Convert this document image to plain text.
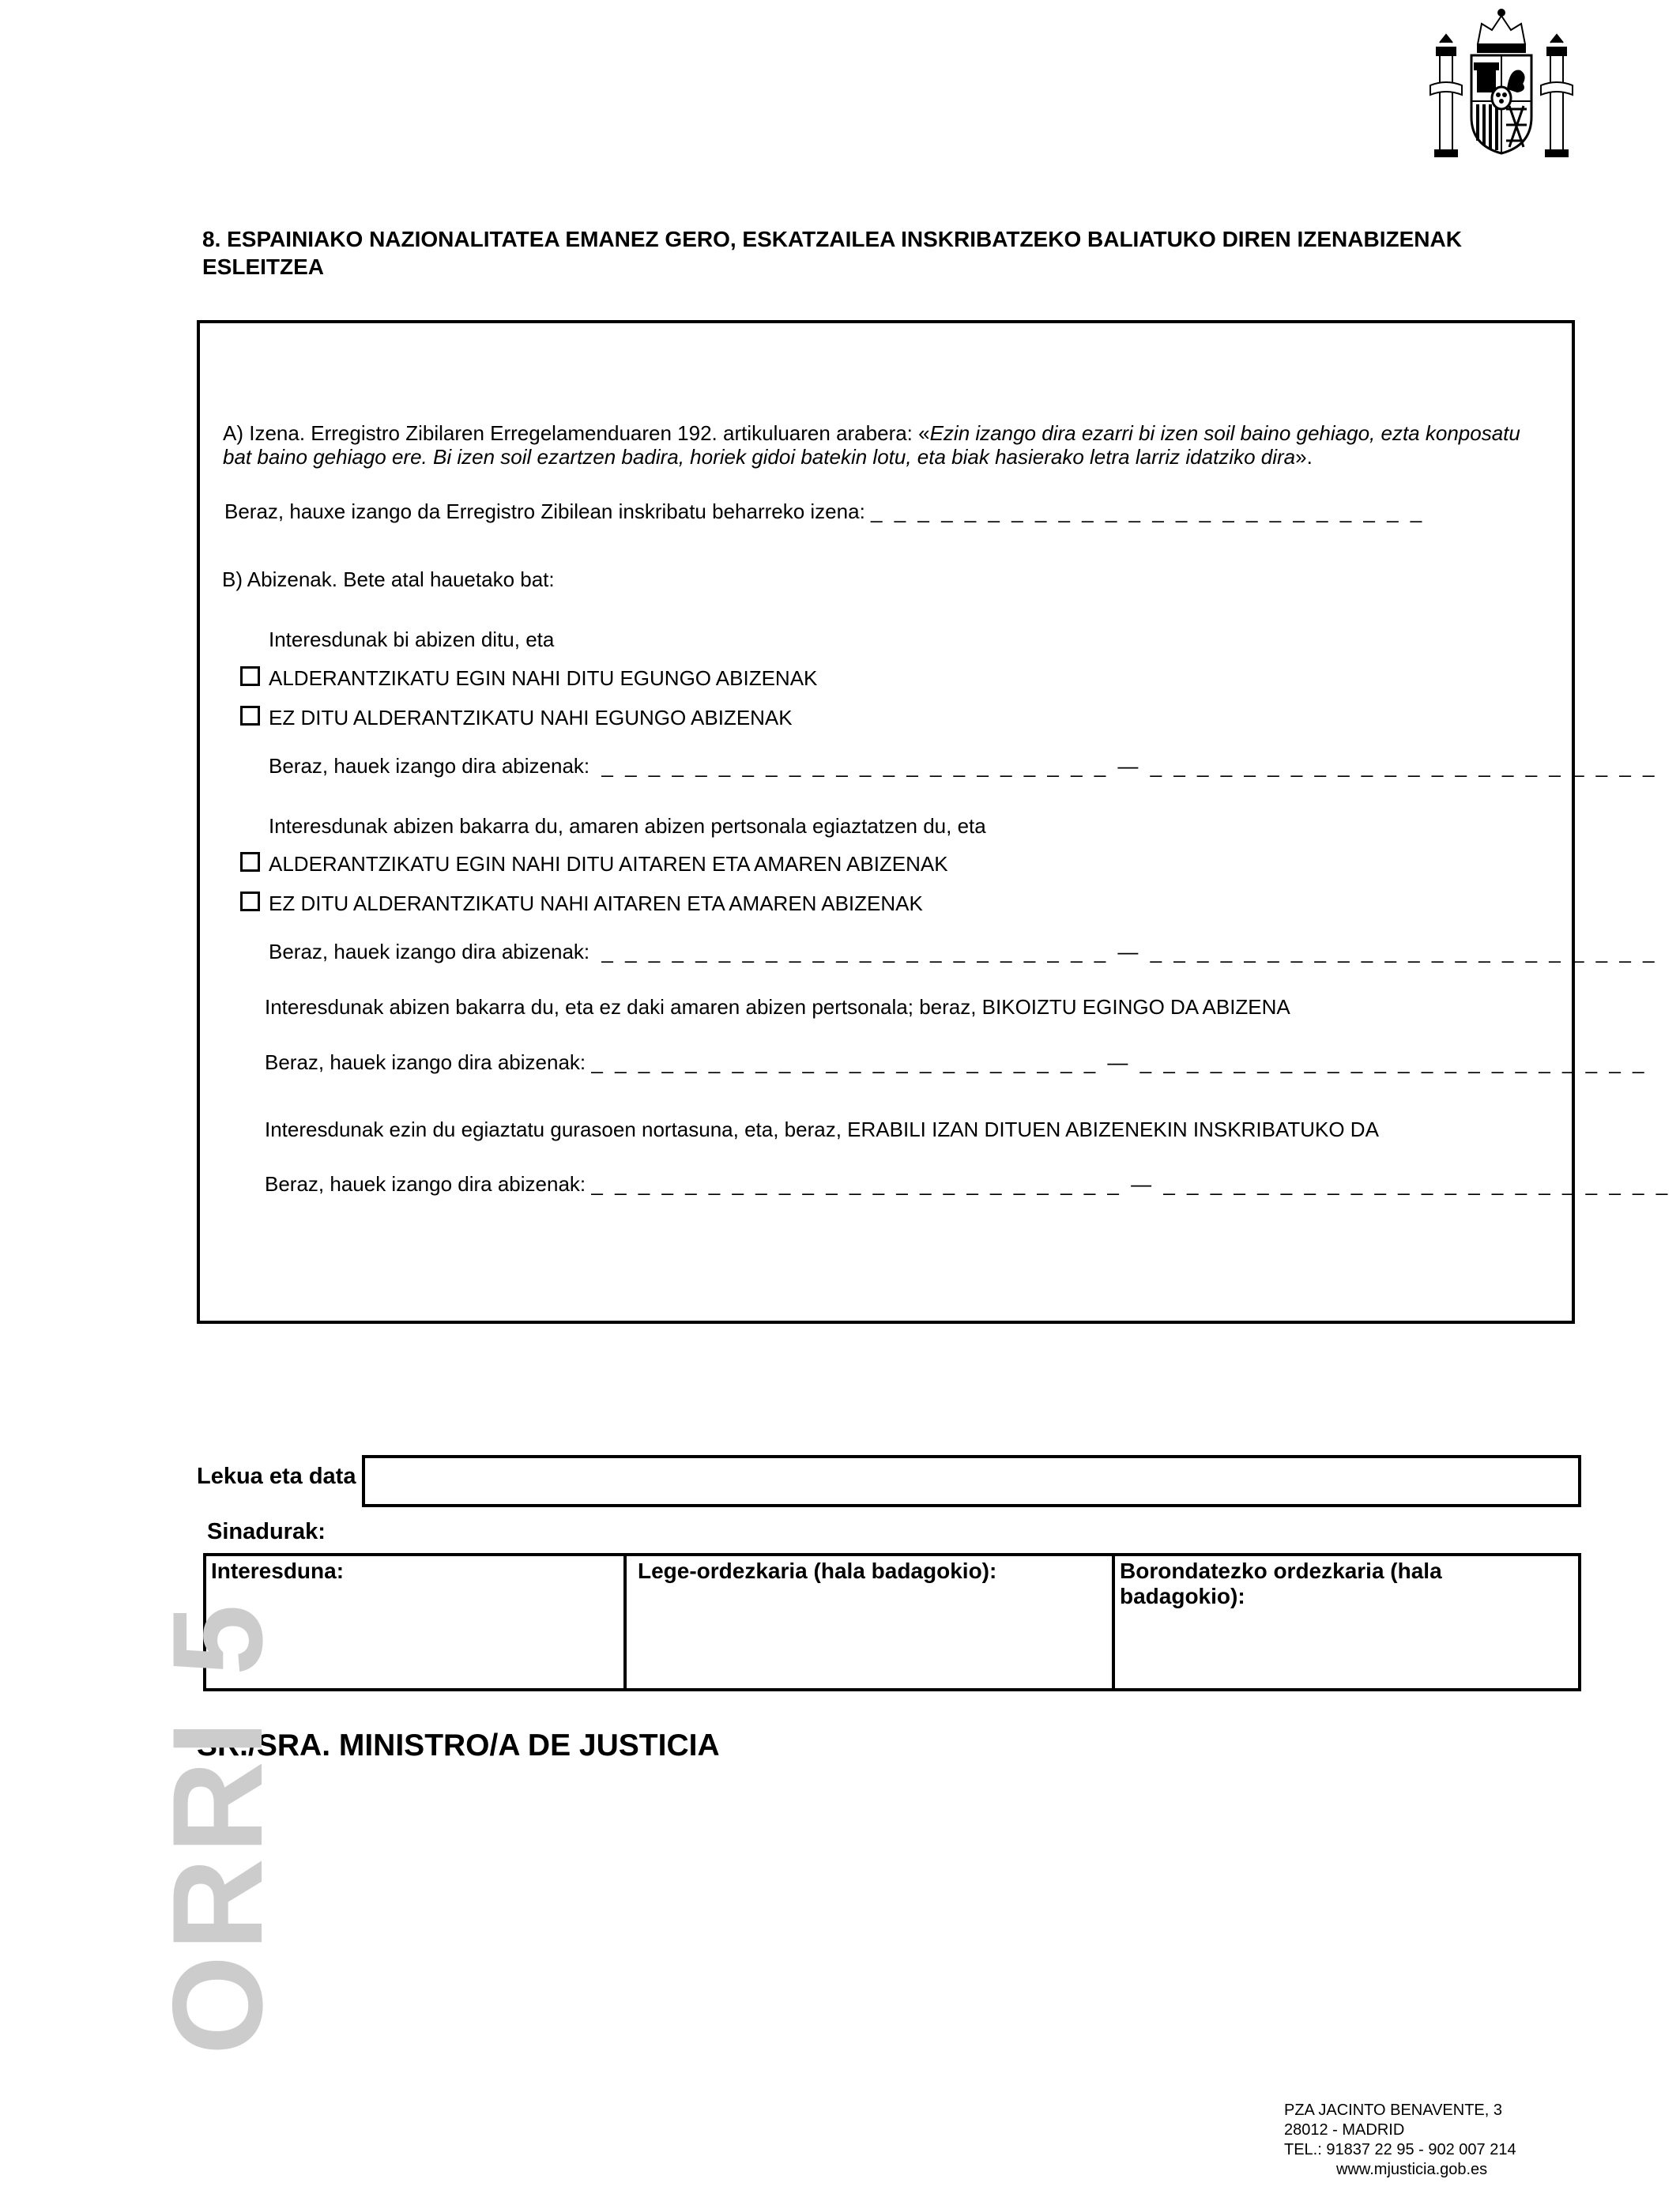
8. ESPAINIAKO NAZIONALITATEA EMANEZ GERO, ESKATZAILEA INSKRIBATZEKO BALIATUKO DIREN IZENABIZENAK ESLEITZEA
A) Izena. Erregistro Zibilaren Erregelamenduaren 192. artikuluaren arabera: «Ezin izango dira ezarri bi izen soil baino gehiago, ezta konposatu bat baino gehiago ere. Bi izen soil ezartzen badira, horiek gidoi batekin lotu, eta biak hasierako letra larriz idatziko dira».
Beraz, hauxe izango da Erregistro Zibilean inskribatu beharreko izena: _ _ _ _ _ _ _ _ _ _ _ _ _ _ _ _ _ _ _ _ _ _ _ _
B) Abizenak. Bete atal hauetako bat:
Interesdunak bi abizen ditu, eta
ALDERANTZIKATU EGIN NAHI DITU EGUNGO ABIZENAK
EZ DITU ALDERANTZIKATU NAHI EGUNGO ABIZENAK
Beraz, hauek izango dira abizenak: _ _ _ _ _ _ _ _ _ _ _ _ _ _ _ _ _ _ _ _ _ _ — _ _ _ _ _ _ _ _ _ _ _ _ _ _ _ _ _ _ _ _ _ _
Interesdunak abizen bakarra du, amaren abizen pertsonala egiaztatzen du, eta
ALDERANTZIKATU EGIN NAHI DITU AITAREN ETA AMAREN ABIZENAK
EZ DITU ALDERANTZIKATU NAHI AITAREN ETA AMAREN ABIZENAK
Beraz, hauek izango dira abizenak: _ _ _ _ _ _ _ _ _ _ _ _ _ _ _ _ _ _ _ _ _ _ — _ _ _ _ _ _ _ _ _ _ _ _ _ _ _ _ _ _ _ _ _ _
Interesdunak abizen bakarra du, eta ez daki amaren abizen pertsonala; beraz, BIKOIZTU EGINGO DA ABIZENA
Beraz, hauek izango dira abizenak: _ _ _ _ _ _ _ _ _ _ _ _ _ _ _ _ _ _ _ _ _ _ — _ _ _ _ _ _ _ _ _ _ _ _ _ _ _ _ _ _ _ _ _ _
Interesdunak ezin du egiaztatu gurasoen nortasuna, eta, beraz, ERABILI IZAN DITUEN ABIZENEKIN INSKRIBATUKO DA
Beraz, hauek izango dira abizenak: _ _ _ _ _ _ _ _ _ _ _ _ _ _ _ _ _ _ _ _ _ _ _ — _ _ _ _ _ _ _ _ _ _ _ _ _ _ _ _ _ _ _ _ _ _
Lekua eta data
Sinadurak:
Interesduna:	Lege-ordezkaria (hala badagokio):	Borondatezko ordezkaria (hala badagokio):
SR./SRA. MINISTRO/A DE JUSTICIA
ORRI 5
PZA JACINTO BENAVENTE, 3
28012 - MADRID
TEL.: 91837 22 95 - 902 007 214
www.mjusticia.gob.es
